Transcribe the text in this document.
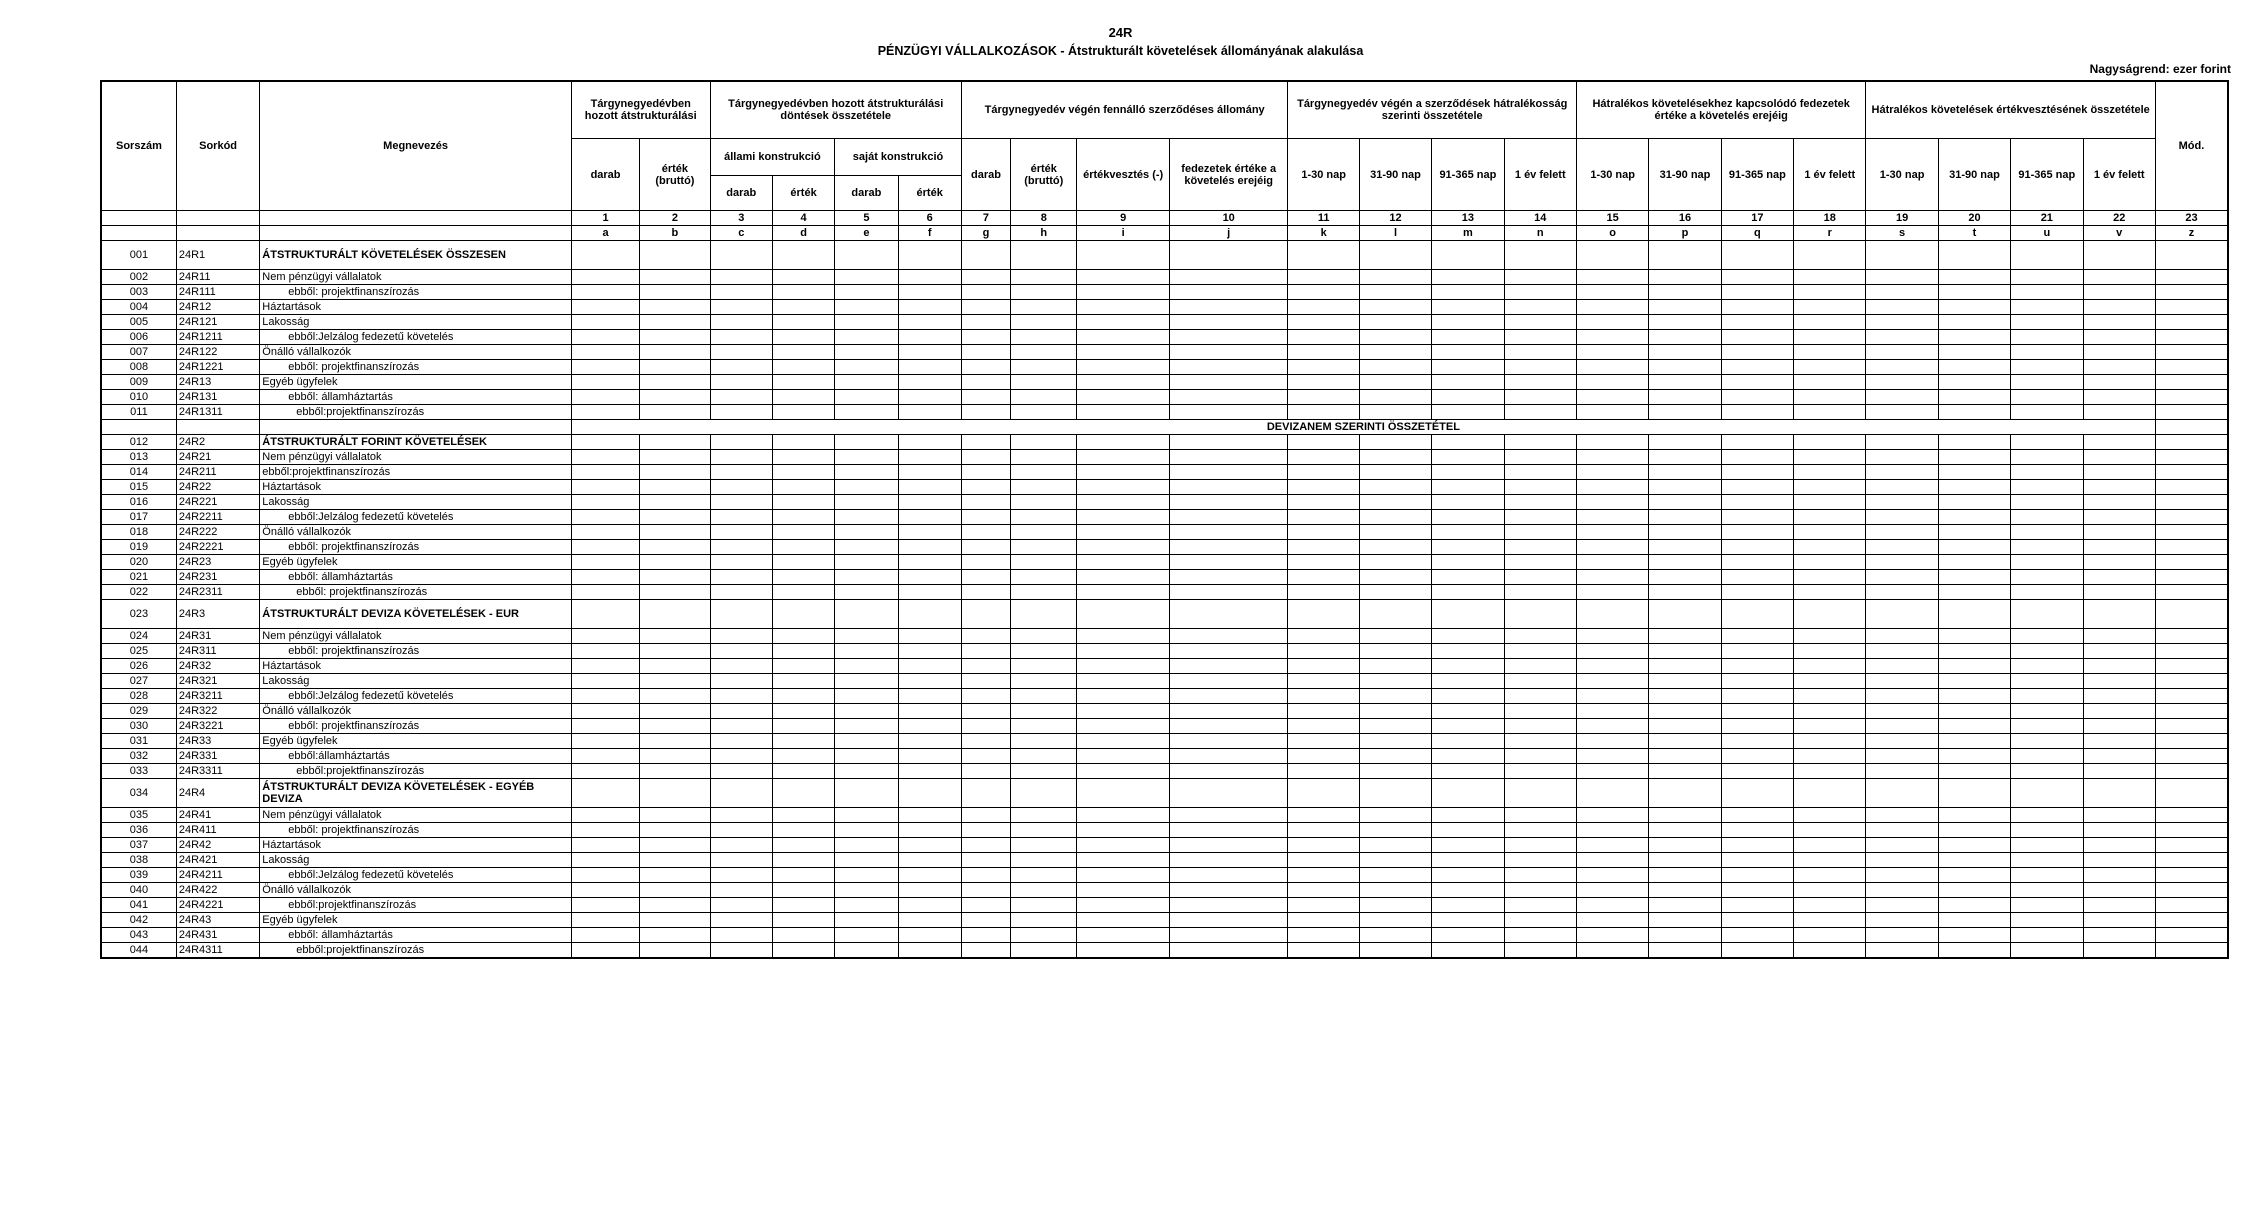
24R
PÉNZÜGYI VÁLLALKOZÁSOK - Átstrukturált követelések állományának alakulása
Nagyságrend: ezer forint
Sorszám	Sorkód	Megnevezés	Tárgynegyedévben hozott átstrukturálási		Tárgynegyedévben hozott átstrukturálási döntések összetétele				Tárgynegyedév végén fennálló szerződéses állomány				Tárgynegyedév végén a szerződések hátralékosság szerinti összetétele				Hátralékos követelésekhez kapcsolódó fedezetek értéke a követelés erejéig				Hátralékos követelések értékvesztésének összetétele				Mód.
			darab	érték (bruttó)	állami konstrukció		saját konstrukció		darab	érték (bruttó)	értékvesztés (-)	fedezetek értéke a követelés erejéig	1-30 nap	31-90 nap	91-365 nap	1 év felett	1-30 nap	31-90 nap	91-365 nap	1 év felett	1-30 nap	31-90 nap	91-365 nap	1 év felett	
					darab	érték	darab	érték																	
			1	2	3	4	5	6	7	8	9	10	11	12	13	14	15	16	17	18	19	20	21	22	23
			a	b	c	d	e	f	g	h	i	j	k	l	m	n	o	p	q	r	s	t	u	v	z
001	24R1	ÁTSTRUKTURÁLT KÖVETELÉSEK ÖSSZESEN																							
002	24R11	Nem pénzügyi vállalatok																							
003	24R111	ebből: projektfinanszírozás																							
004	24R12	Háztartások																							
005	24R121	Lakosság																							
006	24R1211	ebből:Jelzálog fedezetű követelés																							
007	24R122	Önálló vállalkozók																							
008	24R1221	ebből: projektfinanszírozás																							
009	24R13	Egyéb ügyfelek																							
010	24R131	ebből: államháztartás																							
011	24R1311	ebből:projektfinanszírozás																							
			DEVIZANEM SZERINTI ÖSSZETÉTEL																						
012	24R2	ÁTSTRUKTURÁLT FORINT KÖVETELÉSEK																							
013	24R21	Nem pénzügyi vállalatok																							
014	24R211	ebből:projektfinanszírozás																							
015	24R22	Háztartások																							
016	24R221	Lakosság																							
017	24R2211	ebből:Jelzálog fedezetű követelés																							
018	24R222	Önálló vállalkozók																							
019	24R2221	ebből: projektfinanszírozás																							
020	24R23	Egyéb ügyfelek																							
021	24R231	ebből: államháztartás																							
022	24R2311	ebből: projektfinanszírozás																							
023	24R3	ÁTSTRUKTURÁLT DEVIZA KÖVETELÉSEK - EUR																							
024	24R31	Nem pénzügyi vállalatok																							
025	24R311	ebből: projektfinanszírozás																							
026	24R32	Háztartások																							
027	24R321	Lakosság																							
028	24R3211	ebből:Jelzálog fedezetű követelés																							
029	24R322	Önálló vállalkozók																							
030	24R3221	ebből: projektfinanszírozás																							
031	24R33	Egyéb ügyfelek																							
032	24R331	ebből:államháztartás																							
033	24R3311	ebből:projektfinanszírozás																							
034	24R4	ÁTSTRUKTURÁLT DEVIZA KÖVETELÉSEK - EGYÉB DEVIZA																							
035	24R41	Nem pénzügyi vállalatok																							
036	24R411	ebből: projektfinanszírozás																							
037	24R42	Háztartások																							
038	24R421	Lakosság																							
039	24R4211	ebből:Jelzálog fedezetű követelés																							
040	24R422	Önálló vállalkozók																							
041	24R4221	ebből:projektfinanszírozás																							
042	24R43	Egyéb ügyfelek																							
043	24R431	ebből: államháztartás																							
044	24R4311	ebből:projektfinanszírozás																							
